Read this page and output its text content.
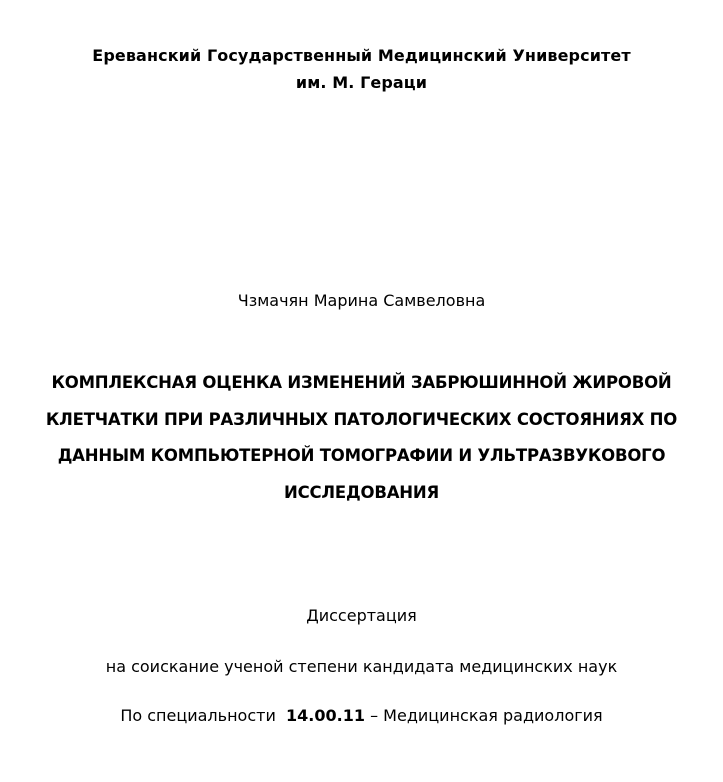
Ереванский Государственный Медицинский Университет
им. М. Гераци
Чзмачян Марина Самвеловна
КОМПЛЕКСНАЯ ОЦЕНКА ИЗМЕНЕНИЙ ЗАБРЮШИННОЙ ЖИРОВОЙ
КЛЕТЧАТКИ ПРИ РАЗЛИЧНЫХ ПАТОЛОГИЧЕСКИХ СОСТОЯНИЯХ ПО
ДАННЫМ КОМПЬЮТЕРНОЙ ТОМОГРАФИИ И УЛЬТРАЗВУКОВОГО
ИССЛЕДОВАНИЯ
Диссертация
на соискание ученой степени кандидата медицинских наук
По специальности 14.00.11 – Медицинская радиология
